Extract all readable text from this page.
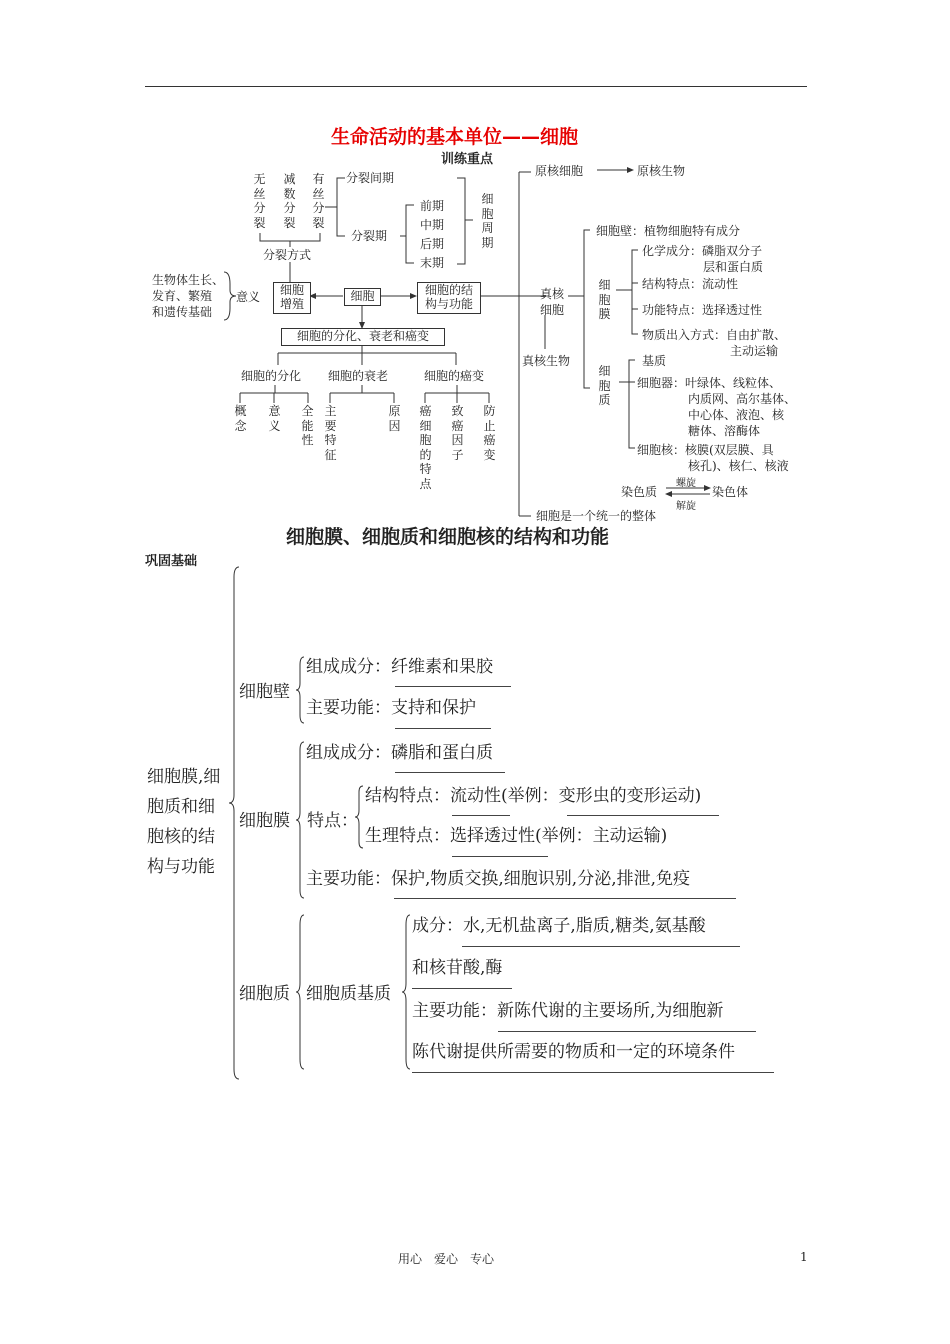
生命活动的基本单位——细胞
训练重点
无丝分裂
减数分裂
有丝分裂
分裂方式
分裂间期
分裂期
前期
中期
后期
末期
细胞周期
生物体生长、
发育、繁殖
和遗传基础
意义	细胞
增殖
细胞	细胞的结
构与功能
细胞的分化、衰老和癌变
细胞的分化 细胞的衰老	细胞的癌变
概念
意义
全能性
主要特征
原因
癌细胞的特点
致癌因子
防止癌变
原核细胞	原核生物
真核
细胞
真核生物
细胞壁：植物细胞特有成分
细胞膜
化学成分：磷脂双分子
层和蛋白质
结构特点：流动性
功能特点：选择透过性
物质出入方式：自由扩散、
主动运输
细胞质
基质
细胞器：叶绿体、线粒体、
内质网、高尔基体、
中心体、液泡、核
糖体、溶酶体
细胞核：核膜(双层膜、具
核孔)、核仁、核液
染色质	染色体
螺旋
解旋
细胞是一个统一的整体
细胞膜、细胞质和细胞核的结构和功能
巩固基础
细胞膜,细
胞质和细
胞核的结
构与功能
细胞壁
组成成分：纤维素和果胶
主要功能：支持和保护
细胞膜
组成成分：磷脂和蛋白质
特点：
结构特点：流动性(举例：变形虫的变形运动)
生理特点：选择透过性(举例：主动运输)
主要功能：保护,物质交换,细胞识别,分泌,排泄,免疫
细胞质 细胞质基质
成分：水,无机盐离子,脂质,糖类,氨基酸
和核苷酸,酶
主要功能：新陈代谢的主要场所,为细胞新
陈代谢提供所需要的物质和一定的环境条件
用心　爱心　专心	1
